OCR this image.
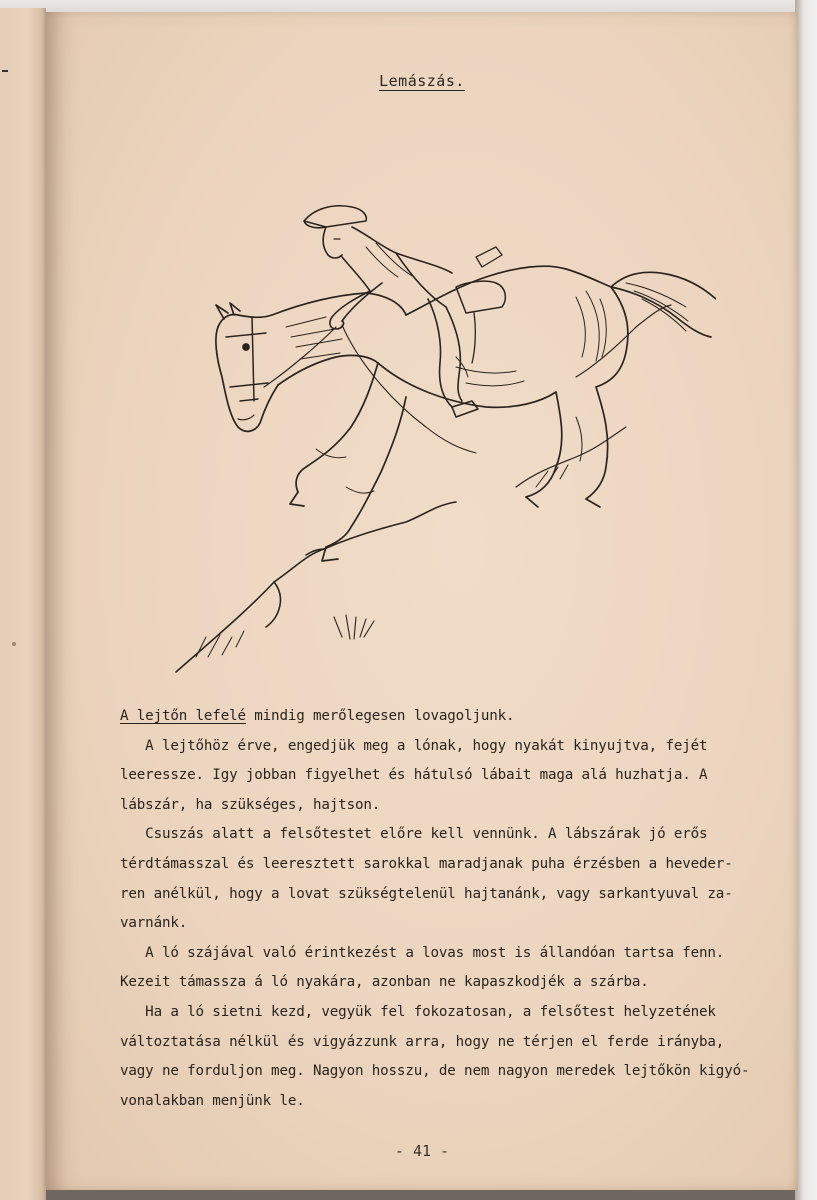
Lemászás.

A lejtőn lefelé mindig merőlegesen lovagoljunk.

A lejtőhöz érve, engedjük meg a lónak, hogy nyakát kinyujtva, fejét

leeressze. Igy jobban figyelhet és hátulsó lábait maga alá huzhatja. A

lábszár, ha szükséges, hajtson.

Csuszás alatt a felsőtestet előre kell vennünk. A lábszárak jó erős

térdtámasszal és leeresztett sarokkal maradjanak puha érzésben a heveder-

ren anélkül, hogy a lovat szükségtelenül hajtanánk, vagy sarkantyuval za-

varnánk.

A ló szájával való érintkezést a lovas most is állandóan tartsa fenn.

Kezeit támassza á ló nyakára, azonban ne kapaszkodjék a szárba.

Ha a ló sietni kezd, vegyük fel fokozatosan, a felsőtest helyzetének

változtatása nélkül és vigyázzunk arra, hogy ne térjen el ferde irányba,

vagy ne forduljon meg. Nagyon hosszu, de nem nagyon meredek lejtőkön kigyó-

vonalakban menjünk le.

- 41 -
